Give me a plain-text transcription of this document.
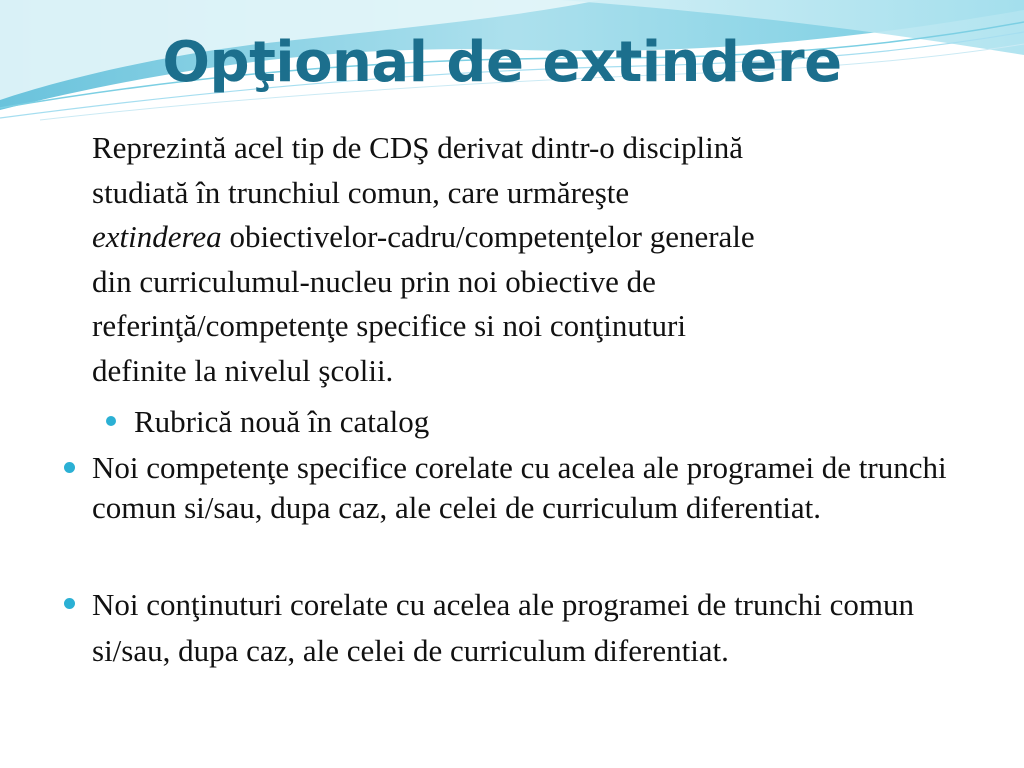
Opţional de extindere
Reprezintă acel tip de CDŞ derivat dintr-o disciplină
studiată în trunchiul comun, care urmăreşte
extinderea obiectivelor-cadru/competenţelor generale
din curriculumul-nucleu prin noi obiective de
referinţă/competenţe specifice si noi conţinuturi
definite la nivelul şcolii.
Rubrică nouă în catalog
Noi competenţe specifice corelate cu acelea ale programei de trunchi comun si/sau, dupa caz, ale celei de curriculum diferentiat.
Noi conţinuturi corelate cu acelea ale programei de trunchi comun si/sau, dupa caz, ale celei de curriculum diferentiat.
